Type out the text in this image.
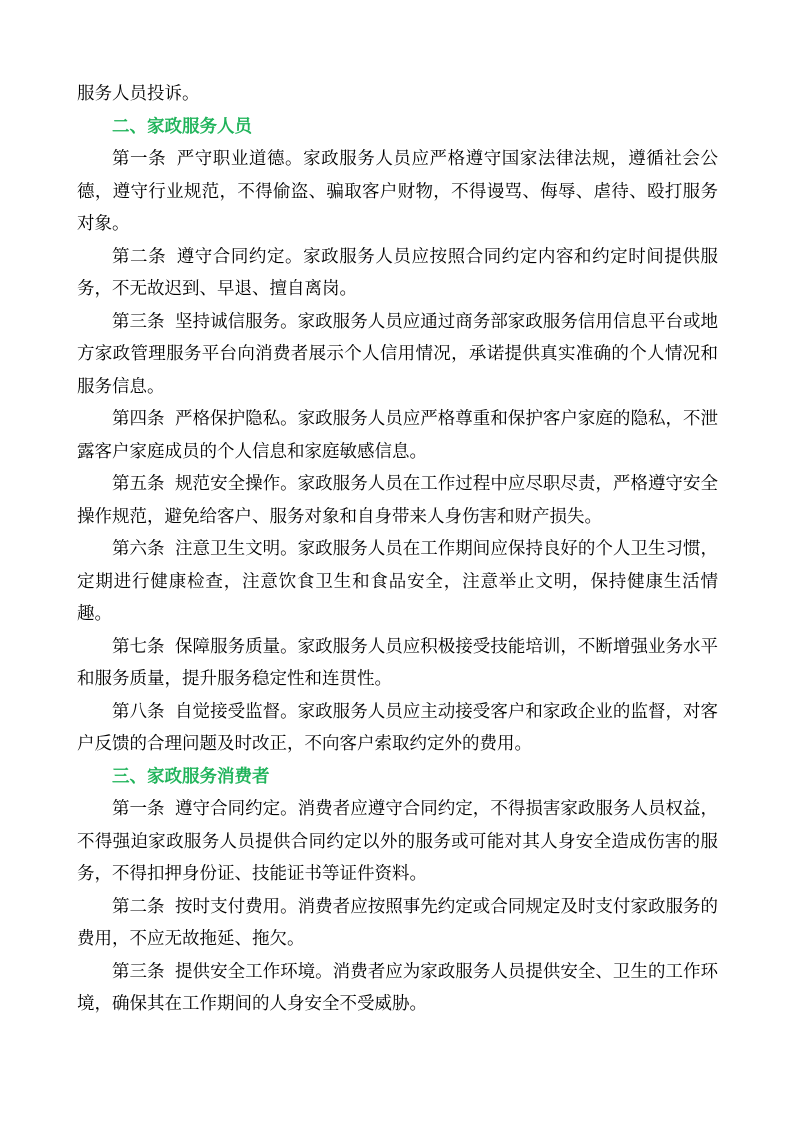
服务人员投诉。

二、家政服务人员

第一条 严守职业道德。家政服务人员应严格遵守国家法律法规，遵循社会公德，遵守行业规范，不得偷盗、骗取客户财物，不得谩骂、侮辱、虐待、殴打服务对象。

第二条 遵守合同约定。家政服务人员应按照合同约定内容和约定时间提供服务，不无故迟到、早退、擅自离岗。

第三条 坚持诚信服务。家政服务人员应通过商务部家政服务信用信息平台或地方家政管理服务平台向消费者展示个人信用情况，承诺提供真实准确的个人情况和服务信息。

第四条 严格保护隐私。家政服务人员应严格尊重和保护客户家庭的隐私，不泄露客户家庭成员的个人信息和家庭敏感信息。

第五条 规范安全操作。家政服务人员在工作过程中应尽职尽责，严格遵守安全操作规范，避免给客户、服务对象和自身带来人身伤害和财产损失。

第六条 注意卫生文明。家政服务人员在工作期间应保持良好的个人卫生习惯，定期进行健康检查，注意饮食卫生和食品安全，注意举止文明，保持健康生活情趣。

第七条 保障服务质量。家政服务人员应积极接受技能培训，不断增强业务水平和服务质量，提升服务稳定性和连贯性。

第八条 自觉接受监督。家政服务人员应主动接受客户和家政企业的监督，对客户反馈的合理问题及时改正，不向客户索取约定外的费用。

三、家政服务消费者

第一条 遵守合同约定。消费者应遵守合同约定，不得损害家政服务人员权益，不得强迫家政服务人员提供合同约定以外的服务或可能对其人身安全造成伤害的服务，不得扣押身份证、技能证书等证件资料。

第二条 按时支付费用。消费者应按照事先约定或合同规定及时支付家政服务的费用，不应无故拖延、拖欠。

第三条 提供安全工作环境。消费者应为家政服务人员提供安全、卫生的工作环境，确保其在工作期间的人身安全不受威胁。
